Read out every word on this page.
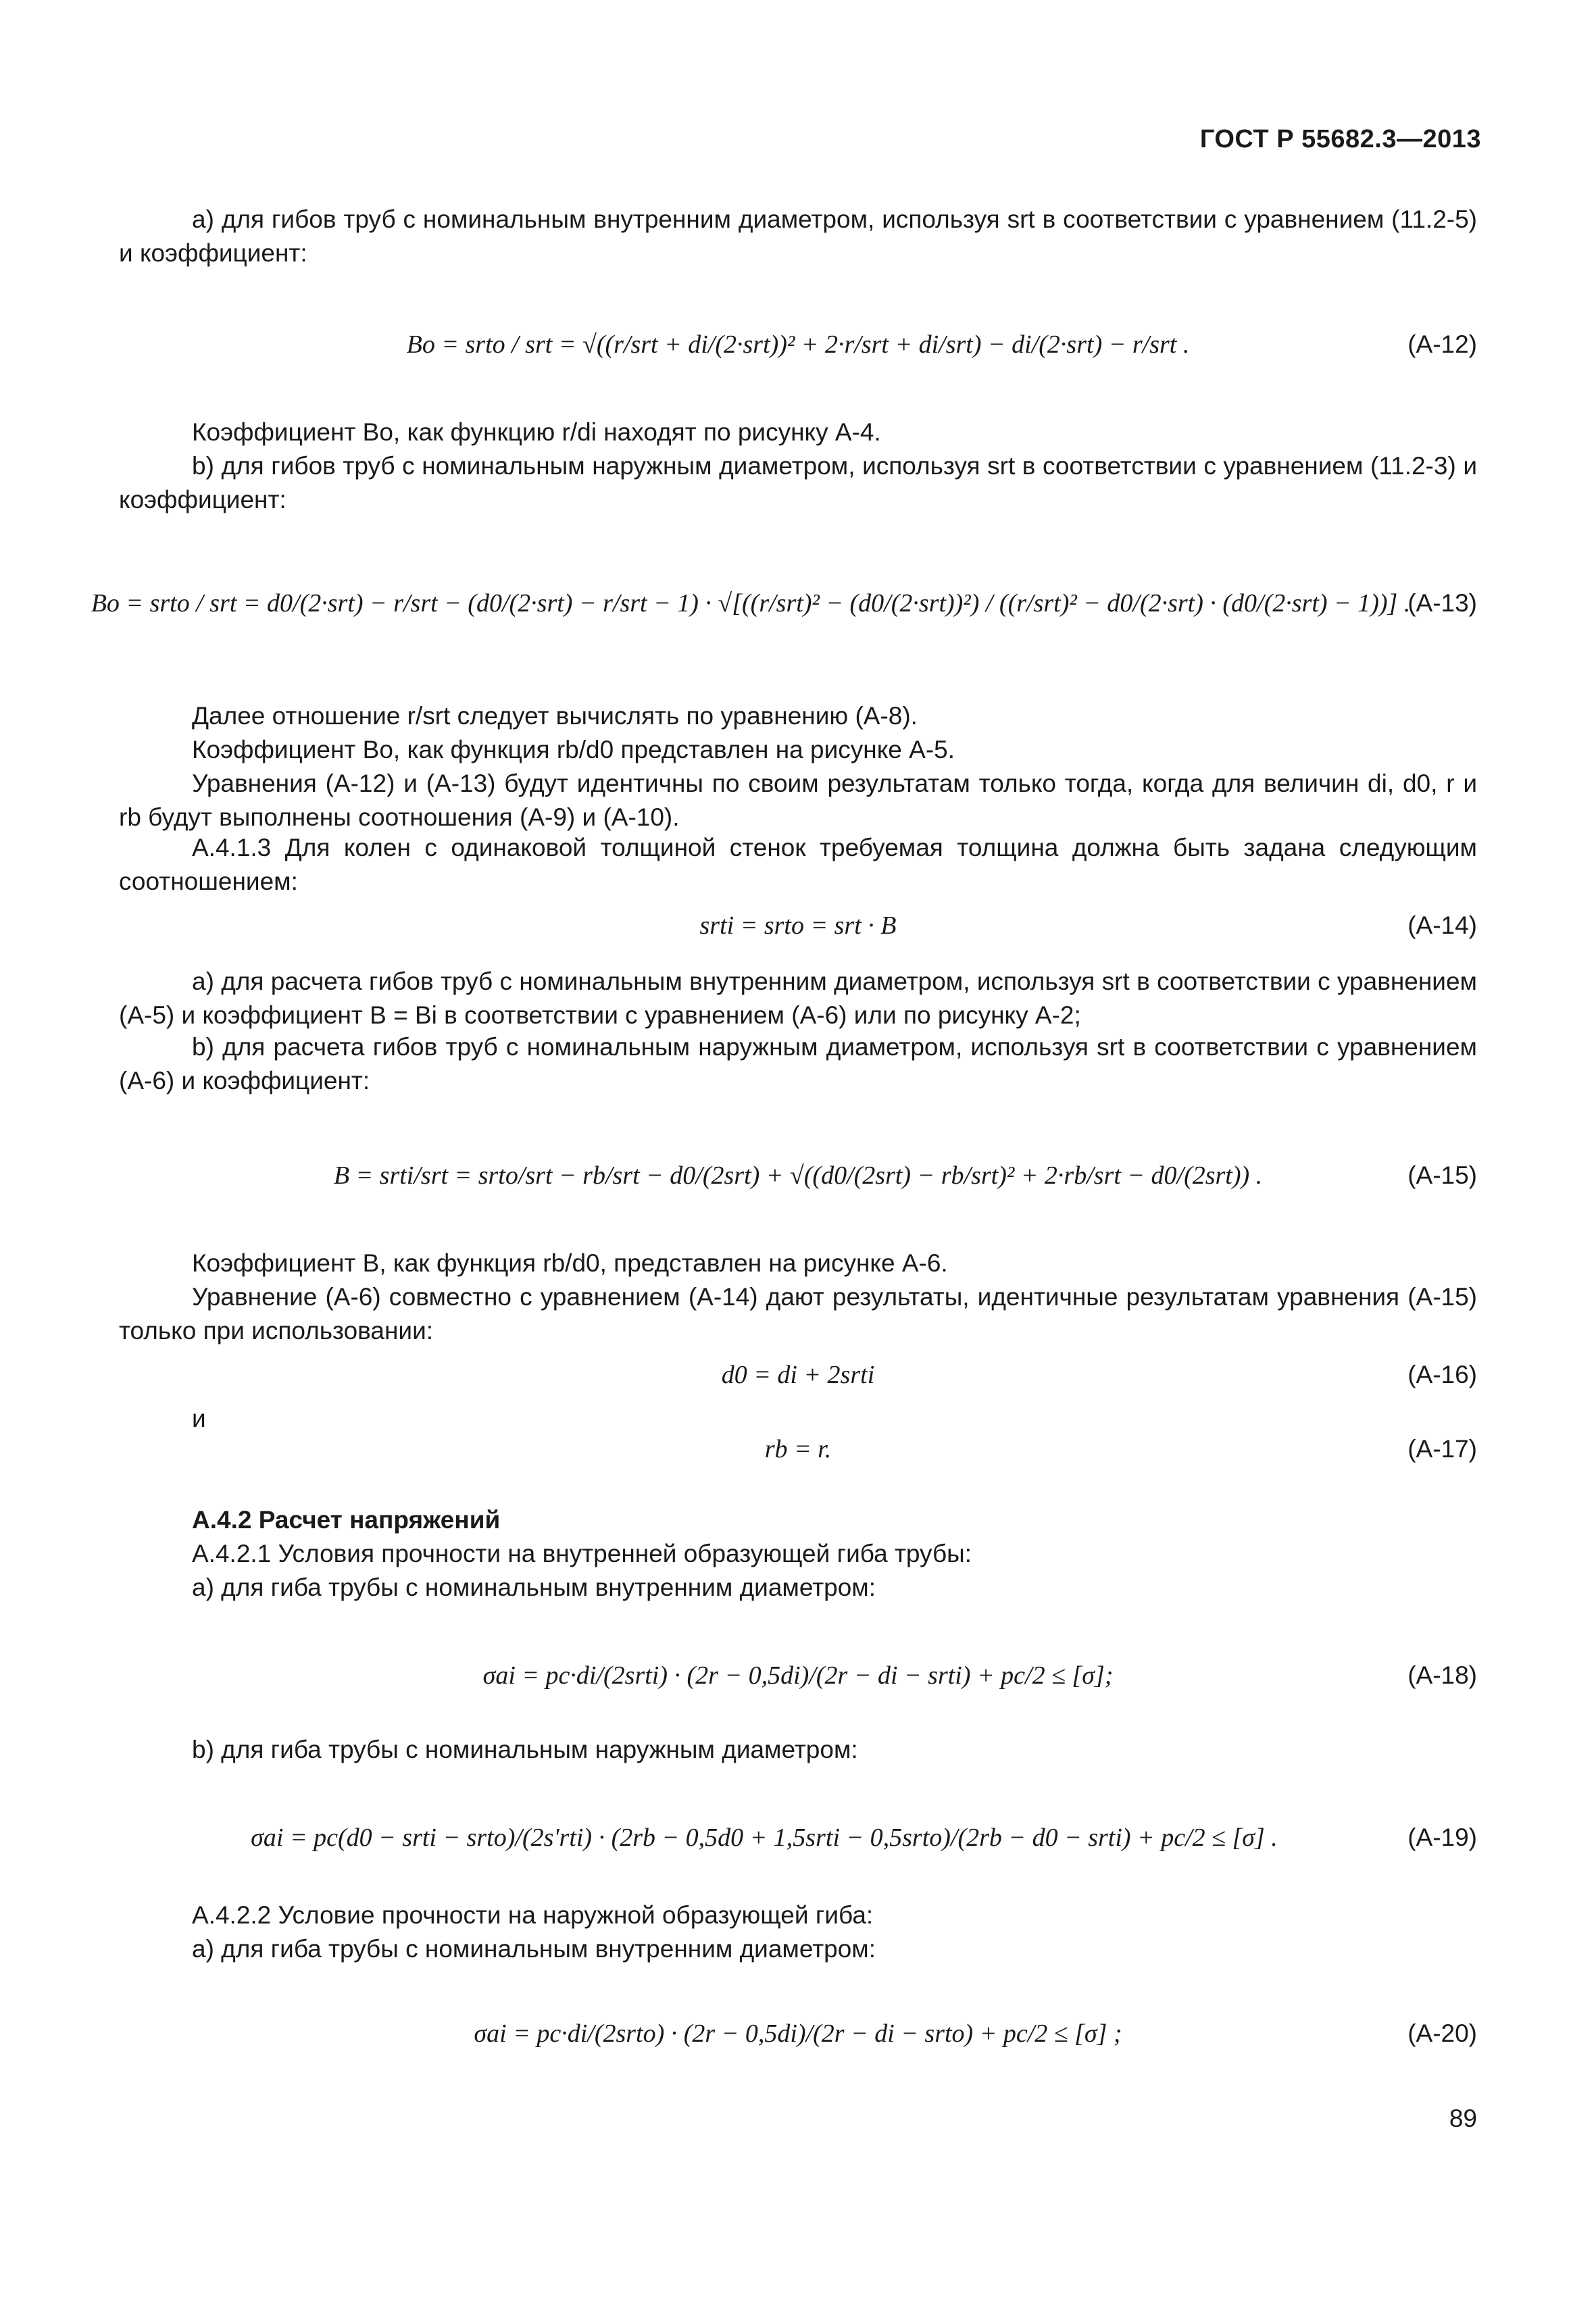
ГОСТ Р 55682.3—2013
а) для гибов труб с номинальным внутренним диаметром, используя srt в соответствии с уравнением (11.2-5) и коэффициент:
Bo = srto / srt = √((r/srt + di/(2·srt))² + 2·r/srt + di/srt) − di/(2·srt) − r/srt .	(А-12)
Коэффициент Bo, как функцию r/di находят по рисунку А-4.
b) для гибов труб с номинальным наружным диаметром, используя srt в соответствии с уравнением (11.2-3) и коэффициент:
Bo = srto / srt = d0/(2·srt) − r/srt − (d0/(2·srt) − r/srt − 1) · √[((r/srt)² − (d0/(2·srt))²) / ((r/srt)² − d0/(2·srt) · (d0/(2·srt) − 1))] .
(А-13)
Далее отношение r/srt следует вычислять по уравнению (А-8).
Коэффициент Bo, как функция rb/d0 представлен на рисунке А-5.
Уравнения (А-12) и (А-13) будут идентичны по своим результатам только тогда, когда для величин di, d0, r и rb будут выполнены соотношения (А-9) и (А-10).
А.4.1.3 Для колен с одинаковой толщиной стенок требуемая толщина должна быть задана следующим соотношением:
srti = srto = srt · B	(А-14)
а) для расчета гибов труб с номинальным внутренним диаметром, используя srt в соответствии с уравнением (А-5) и коэффициент B = Bi в соответствии с уравнением (А-6) или по рисунку А-2;
b) для расчета гибов труб с номинальным наружным диаметром, используя srt в соответствии с уравнением (А-6) и коэффициент:
B = srti/srt = srto/srt − rb/srt − d0/(2srt) + √((d0/(2srt) − rb/srt)² + 2·rb/srt − d0/(2srt)) .	(А-15)
Коэффициент B, как функция rb/d0, представлен на рисунке А-6.
Уравнение (А-6) совместно с уравнением (А-14) дают результаты, идентичные результатам уравнения (А-15) только при использовании:
d0 = di + 2srti	(А-16)
и
rb = r.	(А-17)
А.4.2 Расчет напряжений
А.4.2.1 Условия прочности на внутренней образующей гиба трубы:
а) для гиба трубы с номинальным внутренним диаметром:
σai = pc·di/(2srti) · (2r − 0,5di)/(2r − di − srti) + pc/2 ≤ [σ];	(А-18)
b) для гиба трубы с номинальным наружным диаметром:
σai = pc(d0 − srti − srto)/(2s'rti) · (2rb − 0,5d0 + 1,5srti − 0,5srto)/(2rb − d0 − srti) + pc/2 ≤ [σ] .	(А-19)
А.4.2.2 Условие прочности на наружной образующей гиба:
а) для гиба трубы с номинальным внутренним диаметром:
σai = pc·di/(2srto) · (2r − 0,5di)/(2r − di − srto) + pc/2 ≤ [σ] ;	(А-20)
89
